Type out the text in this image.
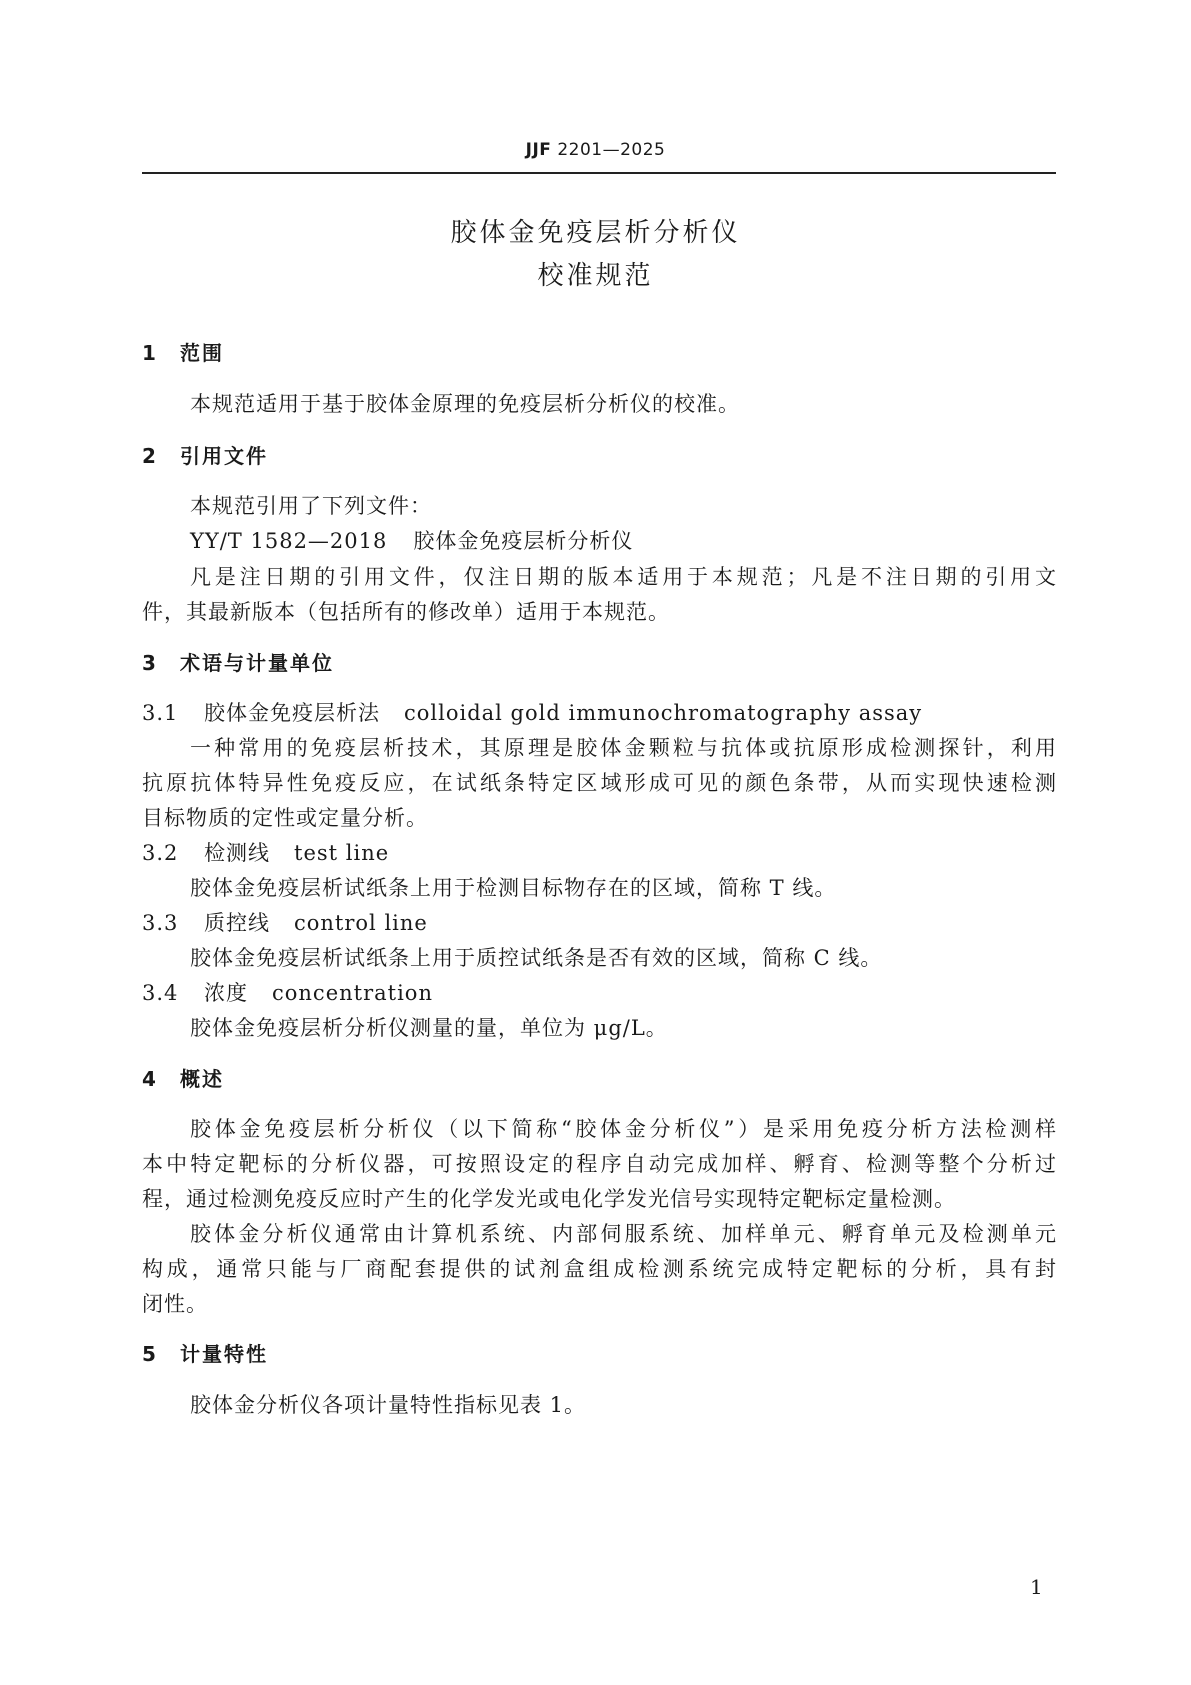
JJF 2201—2025
胶体金免疫层析分析仪
校准规范
1 范围
本规范适用于基于胶体金原理的免疫层析分析仪的校准。
2 引用文件
本规范引用了下列文件：
YY/T 1582—2018 胶体金免疫层析分析仪
凡是注日期的引用文件，仅注日期的版本适用于本规范；凡是不注日期的引用文
件，其最新版本（包括所有的修改单）适用于本规范。
3 术语与计量单位
3.1 胶体金免疫层析法 colloidal gold immunochromatography assay
一种常用的免疫层析技术，其原理是胶体金颗粒与抗体或抗原形成检测探针，利用
抗原抗体特异性免疫反应，在试纸条特定区域形成可见的颜色条带，从而实现快速检测
目标物质的定性或定量分析。
3.2 检测线 test line
胶体金免疫层析试纸条上用于检测目标物存在的区域，简称 T 线。
3.3 质控线 control line
胶体金免疫层析试纸条上用于质控试纸条是否有效的区域，简称 C 线。
3.4 浓度 concentration
胶体金免疫层析分析仪测量的量，单位为 μg/L。
4 概述
胶体金免疫层析分析仪（以下简称“胶体金分析仪”）是采用免疫分析方法检测样
本中特定靶标的分析仪器，可按照设定的程序自动完成加样、孵育、检测等整个分析过
程，通过检测免疫反应时产生的化学发光或电化学发光信号实现特定靶标定量检测。
胶体金分析仪通常由计算机系统、内部伺服系统、加样单元、孵育单元及检测单元
构成，通常只能与厂商配套提供的试剂盒组成检测系统完成特定靶标的分析，具有封
闭性。
5 计量特性
胶体金分析仪各项计量特性指标见表 1。
1
